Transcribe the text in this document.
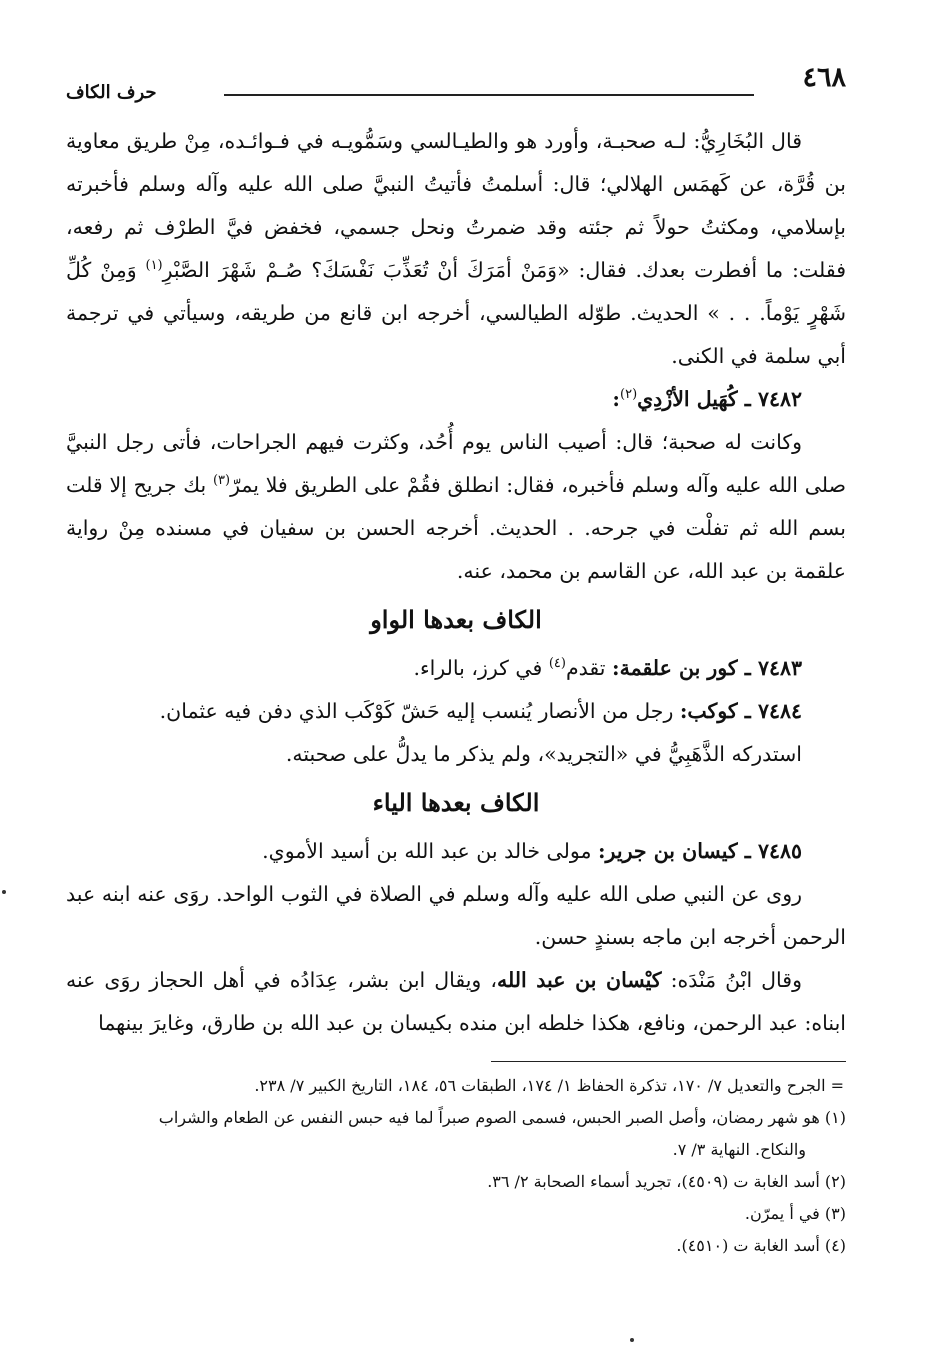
٤٦٨
حرف الكاف

قال البُخَارِيُّ: لـه صحبـة، وأورد هو والطيـالسي وسَمُّويـه في فـوائـده، مِنْ طريق معاوية بن قُرَّة، عن كَهمَس الهلالي؛ قال: أسلمتُ فأتيتُ النبيَّ صلى الله عليه وآله وسلم فأخبرته بإسلامي، ومكثتُ حولاً ثم جئته وقد ضمرتُ ونحل جسمي، فخفض فيَّ الطرْف ثم رفعه، فقلت: ما أفطرت بعدك. فقال: «وَمَنْ أمَرَكَ أنْ تُعَذِّبَ نَفْسَكَ؟ صُـمْ شَهْرَ الصَّبْرِ$^{(١)}$ وَمِنْ كُلِّ شَهْرٍ يَوْماً. . . » الحديث. طوّله الطيالسي، أخرجه ابن قانع من طريقه، وسيأتي في ترجمة أبي سلمة في الكنى.

٧٤٨٢ ـ كُهَيل الأزْدِي$^{(٢)}$:

وكانت له صحبة؛ قال: أصيب الناس يوم أُحُد، وكثرت فيهم الجراحات، فأتى رجل النبيَّ صلى الله عليه وآله وسلم فأخبره، فقال: انطلق فقُمْ على الطريق فلا يمرّ$^{(٣)}$ بك جريح إلا قلت بسم الله ثم تفلْت في جرحه. . الحديث. أخرجه الحسن بن سفيان في مسنده مِنْ رواية علقمة بن عبد الله، عن القاسم بن محمد، عنه.

الكاف بعدها الواو

٧٤٨٣ ـ كور بن علقمة: تقدم$^{(٤)}$ في كرز، بالراء.

٧٤٨٤ ـ كوكب: رجل من الأنصار يُنسب إليه حَشّ كَوْكَب الذي دفن فيه عثمان.

استدركه الذَّهَبِيُّ في «التجريد»، ولم يذكر ما يدلُّ على صحبته.

الكاف بعدها الياء

٧٤٨٥ ـ كيسان بن جرير: مولى خالد بن عبد الله بن أسيد الأموي.

روى عن النبي صلى الله عليه وآله وسلم في الصلاة في الثوب الواحد. روَى عنه ابنه عبد الرحمن أخرجه ابن ماجه بسندٍ حسن.

وقال ابْنُ مَنْدَه: كيْسان بن عبد الله، ويقال ابن بشر، عِدَادُه في أهل الحجاز روَى عنه ابناه: عبد الرحمن، ونافع، هكذا خلطه ابن منده بكيسان بن عبد الله بن طارق، وغايرَ بينهما

= الجرح والتعديل ٧/ ١٧٠، تذكرة الحفاظ ١/ ١٧٤، الطبقات ٥٦، ١٨٤، التاريخ الكبير ٧/ ٢٣٨.

(١) هو شهر رمضان، وأصل الصبر الحبس، فسمى الصوم صبراً لما فيه حبس النفس عن الطعام والشراب

والنكاح. النهاية ٣/ ٧.

(٢) أسد الغابة ت (٤٥٠٩)، تجريد أسماء الصحابة ٢/ ٣٦.

(٣) في أ يمرّن.

(٤) أسد الغابة ت (٤٥١٠).
